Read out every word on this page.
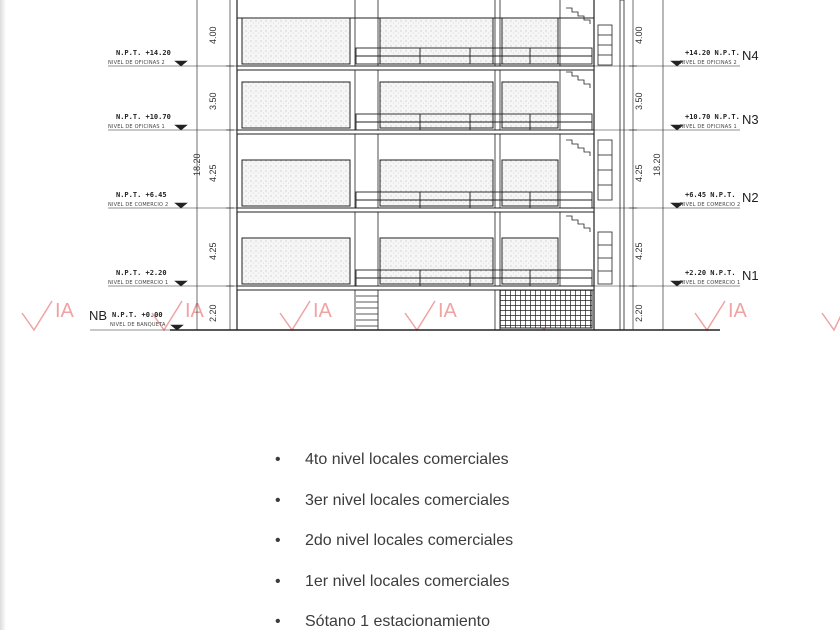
IA	IA	IA	IA	IA
4.00
3.50
4.25
4.25
2.20
18.20
4.00
3.50
4.25
4.25
2.20
18.20
N.P.T. +14.20
NIVEL DE OFICINAS 2
N.P.T. +10.70
NIVEL DE OFICINAS 1
N.P.T. +6.45
NIVEL DE COMERCIO 2
N.P.T. +2.20
NIVEL DE COMERCIO 1
NB N.P.T. +0.00
NIVEL DE BANQUETA
+14.20 N.P.T.
NIVEL DE OFICINAS 2 N4
+10.70 N.P.T.
NIVEL DE OFICINAS 1 N3
+6.45 N.P.T.
NIVEL DE COMERCIO 2 N2
+2.20 N.P.T.
NIVEL DE COMERCIO 1 N1
• 4to nivel locales comerciales
• 3er nivel locales comerciales
• 2do nivel locales comerciales
• 1er nivel locales comerciales
• Sótano 1 estacionamiento
